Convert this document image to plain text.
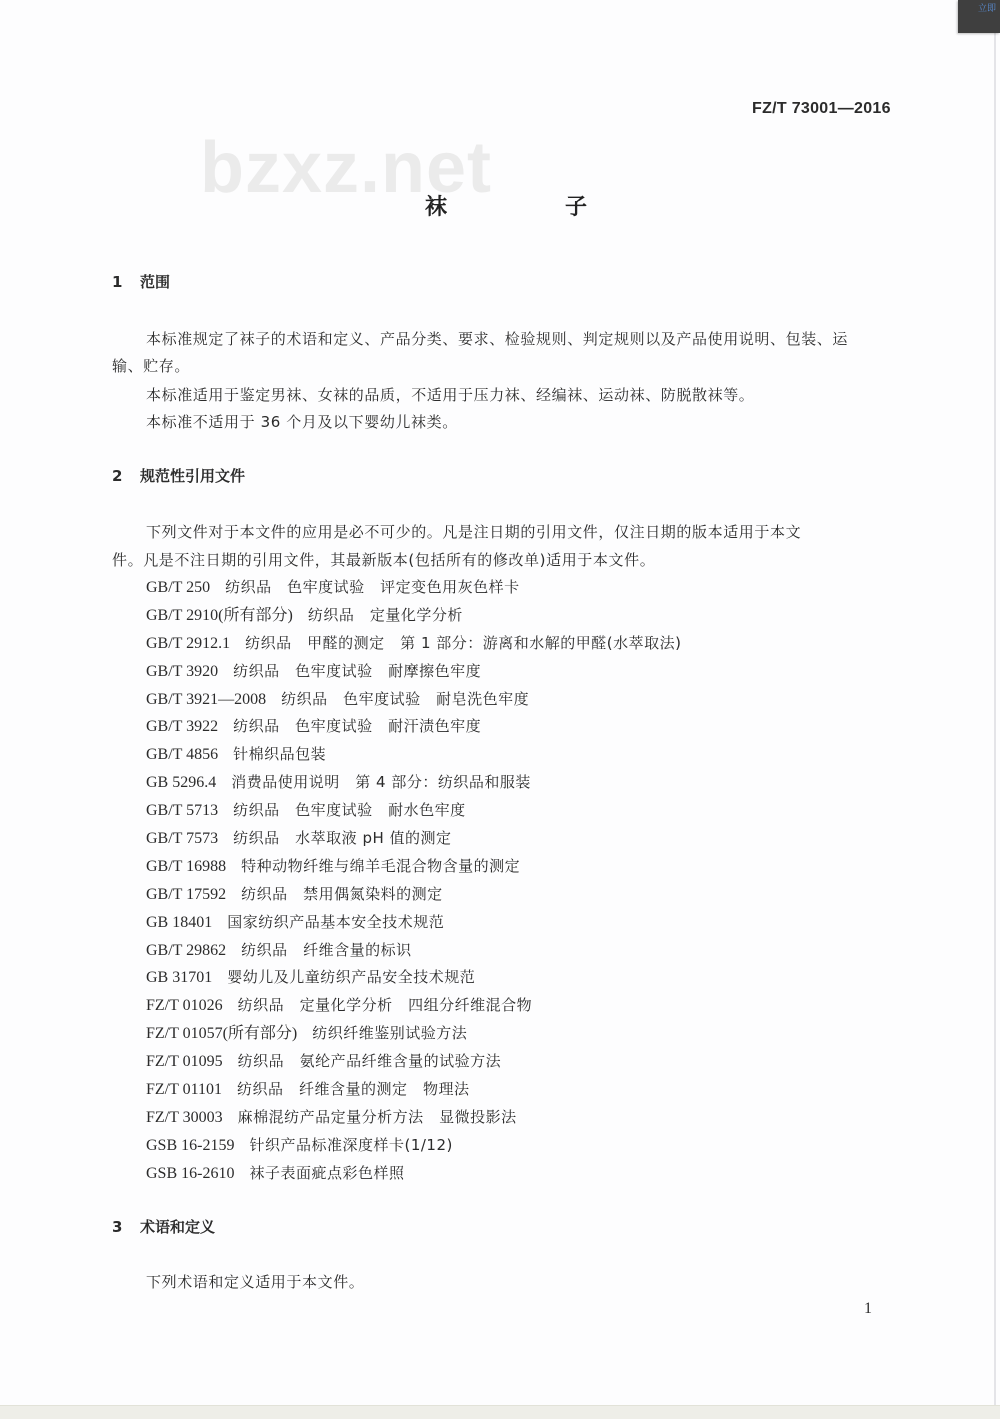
bzxz.net
FZ/T 73001—2016
袜子
1 范围
本标准规定了袜子的术语和定义、产品分类、要求、检验规则、判定规则以及产品使用说明、包装、运
输、贮存。
本标准适用于鉴定男袜、女袜的品质，不适用于压力袜、经编袜、运动袜、防脱散袜等。
本标准不适用于 36 个月及以下婴幼儿袜类。
2 规范性引用文件
下列文件对于本文件的应用是必不可少的。凡是注日期的引用文件，仅注日期的版本适用于本文
件。凡是不注日期的引用文件，其最新版本(包括所有的修改单)适用于本文件。
GB/T 250　 纺织品　色牢度试验　评定变色用灰色样卡
GB/T 2910(所有部分)　 纺织品　定量化学分析
GB/T 2912.1　 纺织品　甲醛的测定　第 1 部分：游离和水解的甲醛(水萃取法)
GB/T 3920　 纺织品　色牢度试验　耐摩擦色牢度
GB/T 3921—2008　 纺织品　色牢度试验　耐皂洗色牢度
GB/T 3922　 纺织品　色牢度试验　耐汗渍色牢度
GB/T 4856　 针棉织品包装
GB 5296.4　 消费品使用说明　第 4 部分：纺织品和服装
GB/T 5713　 纺织品　色牢度试验　耐水色牢度
GB/T 7573　 纺织品　水萃取液 pH 值的测定
GB/T 16988　 特种动物纤维与绵羊毛混合物含量的测定
GB/T 17592　 纺织品　禁用偶氮染料的测定
GB 18401　 国家纺织产品基本安全技术规范
GB/T 29862　 纺织品　纤维含量的标识
GB 31701　 婴幼儿及儿童纺织产品安全技术规范
FZ/T 01026　 纺织品　定量化学分析　四组分纤维混合物
FZ/T 01057(所有部分)　 纺织纤维鉴别试验方法
FZ/T 01095　 纺织品　氨纶产品纤维含量的试验方法
FZ/T 01101　 纺织品　纤维含量的测定　物理法
FZ/T 30003　 麻棉混纺产品定量分析方法　显微投影法
GSB 16-2159　 针织产品标准深度样卡(1/12)
GSB 16-2610　 袜子表面疵点彩色样照
3 术语和定义
下列术语和定义适用于本文件。
1
立即
